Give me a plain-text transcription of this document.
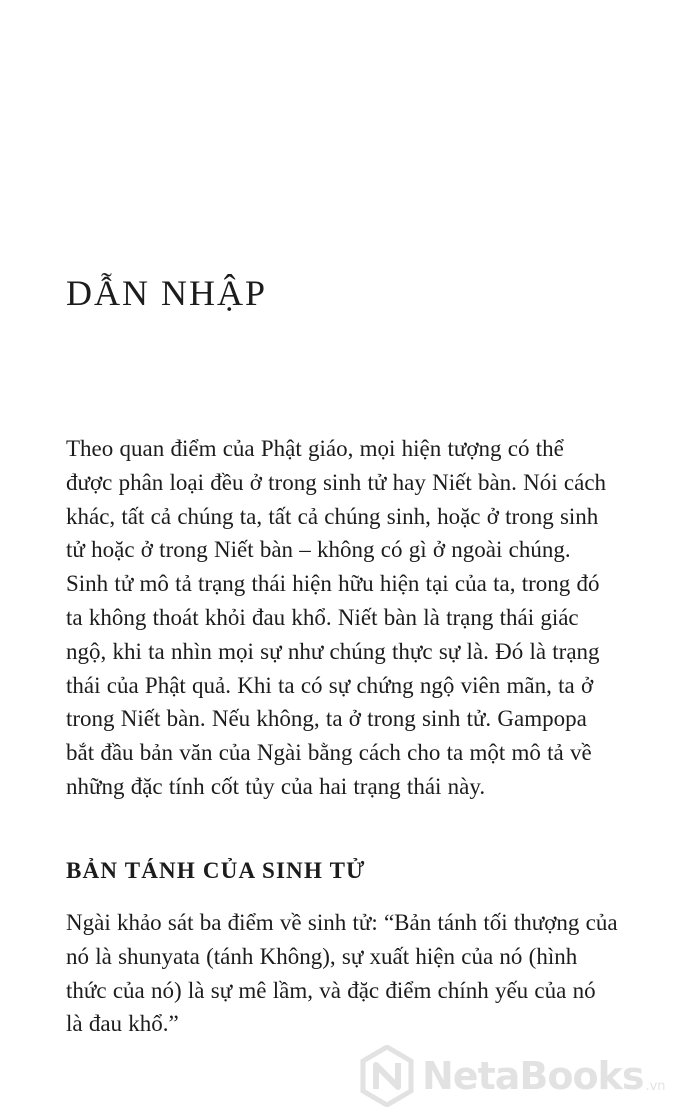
DẪN NHẬP

Theo quan điểm của Phật giáo, mọi hiện tượng có thể
được phân loại đều ở trong sinh tử hay Niết bàn. Nói cách
khác, tất cả chúng ta, tất cả chúng sinh, hoặc ở trong sinh
tử hoặc ở trong Niết bàn – không có gì ở ngoài chúng.
Sinh tử mô tả trạng thái hiện hữu hiện tại của ta, trong đó
ta không thoát khỏi đau khổ. Niết bàn là trạng thái giác
ngộ, khi ta nhìn mọi sự như chúng thực sự là. Đó là trạng
thái của Phật quả. Khi ta có sự chứng ngộ viên mãn, ta ở
trong Niết bàn. Nếu không, ta ở trong sinh tử. Gampopa
bắt đầu bản văn của Ngài bằng cách cho ta một mô tả về
những đặc tính cốt tủy của hai trạng thái này.

BẢN TÁNH CỦA SINH TỬ

Ngài khảo sát ba điểm về sinh tử: “Bản tánh tối thượng của
nó là shunyata (tánh Không), sự xuất hiện của nó (hình
thức của nó) là sự mê lầm, và đặc điểm chính yếu của nó
là đau khổ.”

NetaBooks .vn
